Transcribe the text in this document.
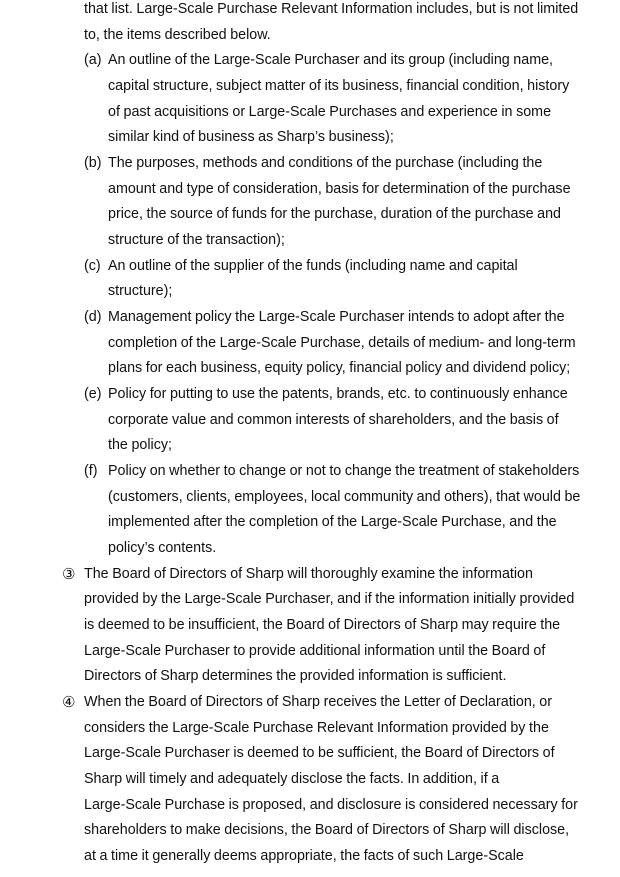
that list. Large-Scale Purchase Relevant Information includes, but is not limited
to, the items described below.
(a) An outline of the Large-Scale Purchaser and its group (including name,
capital structure, subject matter of its business, financial condition, history
of past acquisitions or Large-Scale Purchases and experience in some
similar kind of business as Sharp’s business);
(b) The purposes, methods and conditions of the purchase (including the
amount and type of consideration, basis for determination of the purchase
price, the source of funds for the purchase, duration of the purchase and
structure of the transaction);
(c) An outline of the supplier of the funds (including name and capital
structure);
(d) Management policy the Large-Scale Purchaser intends to adopt after the
completion of the Large-Scale Purchase, details of medium- and long-term
plans for each business, equity policy, financial policy and dividend policy;
(e) Policy for putting to use the patents, brands, etc. to continuously enhance
corporate value and common interests of shareholders, and the basis of
the policy;
(f) Policy on whether to change or not to change the treatment of stakeholders
(customers, clients, employees, local community and others), that would be
implemented after the completion of the Large-Scale Purchase, and the
policy’s contents.
③ The Board of Directors of Sharp will thoroughly examine the information
provided by the Large-Scale Purchaser, and if the information initially provided
is deemed to be insufficient, the Board of Directors of Sharp may require the
Large-Scale Purchaser to provide additional information until the Board of
Directors of Sharp determines the provided information is sufficient.
④ When the Board of Directors of Sharp receives the Letter of Declaration, or
considers the Large-Scale Purchase Relevant Information provided by the
Large-Scale Purchaser is deemed to be sufficient, the Board of Directors of
Sharp will timely and adequately disclose the facts. In addition, if a
Large-Scale Purchase is proposed, and disclosure is considered necessary for
shareholders to make decisions, the Board of Directors of Sharp will disclose,
at a time it generally deems appropriate, the facts of such Large-Scale
